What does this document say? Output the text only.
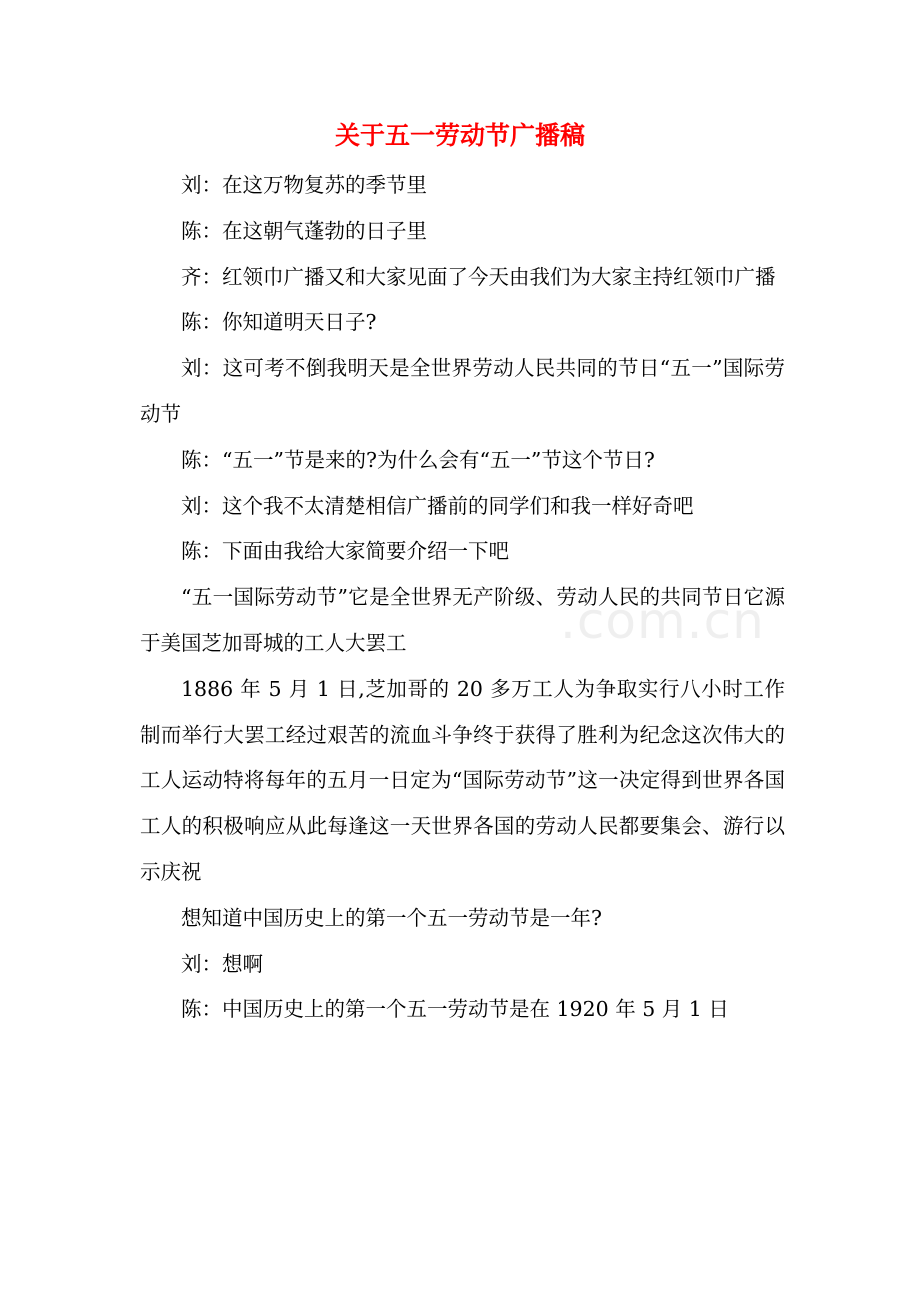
关于五一劳动节广播稿

刘：在这万物复苏的季节里

陈：在这朝气蓬勃的日子里

齐：红领巾广播又和大家见面了今天由我们为大家主持红领巾广播

陈：你知道明天日子?

刘：这可考不倒我明天是全世界劳动人民共同的节日“五一”国际劳动节

陈：“五一”节是来的?为什么会有“五一”节这个节日?

刘：这个我不太清楚相信广播前的同学们和我一样好奇吧

陈：下面由我给大家简要介绍一下吧

“五一国际劳动节”它是全世界无产阶级、劳动人民的共同节日它源于美国芝加哥城的工人大罢工

1886 年 5 月 1 日,芝加哥的 20 多万工人为争取实行八小时工作制而举行大罢工经过艰苦的流血斗争终于获得了胜利为纪念这次伟大的工人运动特将每年的五月一日定为“国际劳动节”这一决定得到世界各国工人的积极响应从此每逢这一天世界各国的劳动人民都要集会、游行以示庆祝

想知道中国历史上的第一个五一劳动节是一年?

刘：想啊

陈：中国历史上的第一个五一劳动节是在 1920 年 5 月 1 日

.com.cn
